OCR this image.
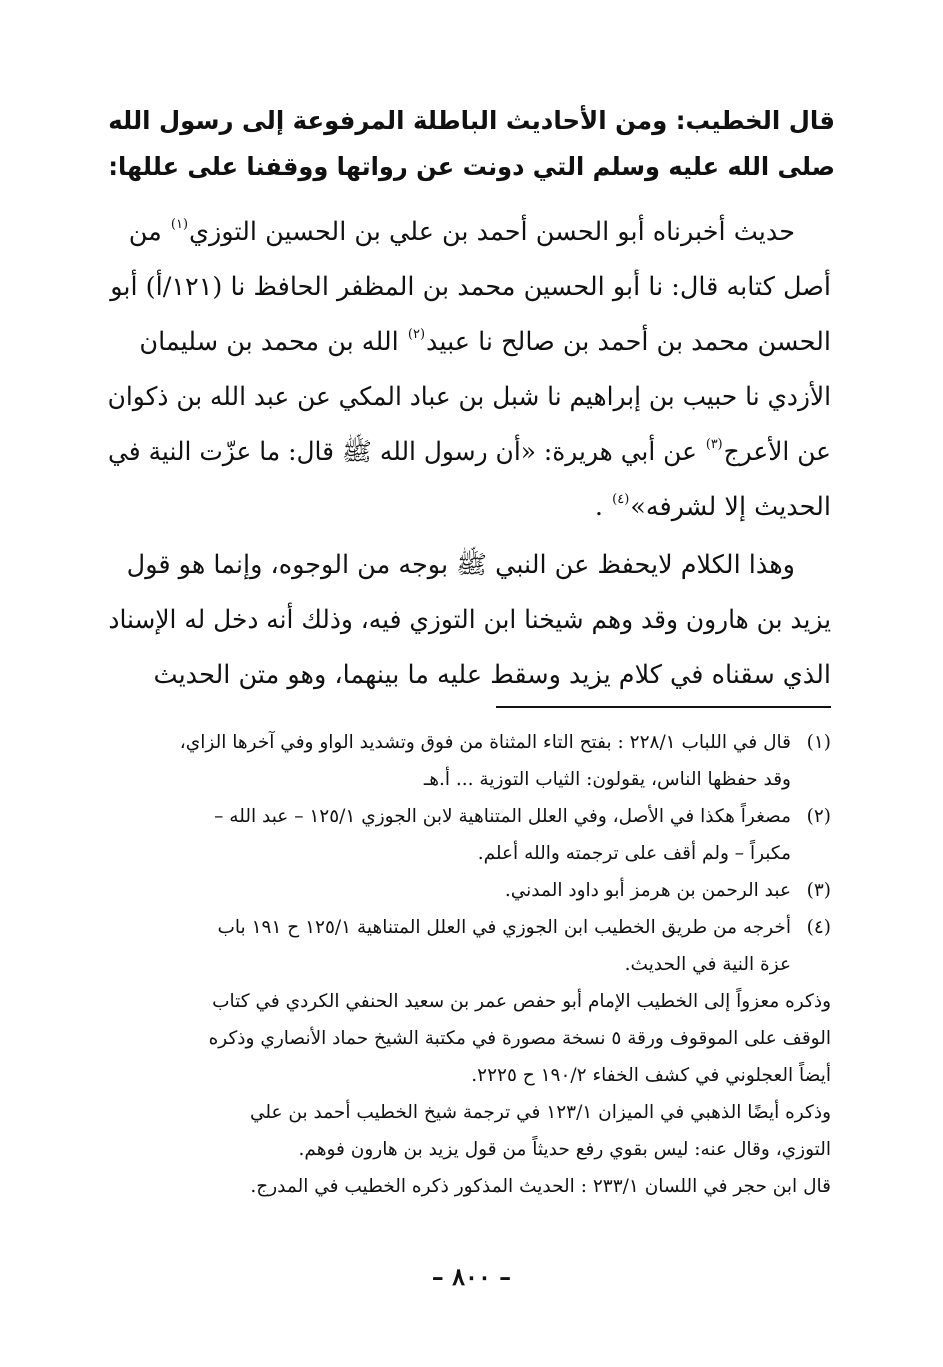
قال الخطيب: ومن الأحاديث الباطلة المرفوعة إلى رسول الله
صلى الله عليه وسلم التي دونت عن رواتها ووقفنا على عللها:
حديث أخبرناه أبو الحسن أحمد بن علي بن الحسين التوزي$^{(١)}$ من
أصل كتابه قال: نا أبو الحسين محمد بن المظفر الحافظ نا (١٢١/أ) أبو
الحسن محمد بن أحمد بن صالح نا عبيد$^{(٢)}$ الله بن محمد بن سليمان
الأزدي نا حبيب بن إبراهيم نا شبل بن عباد المكي عن عبد الله بن ذكوان
عن الأعرج$^{(٣)}$ عن أبي هريرة: «أن رسول الله ﷺ قال: ما عزّت النية في
الحديث إلا لشرفه»$^{(٤)}$ .
وهذا الكلام لايحفظ عن النبي ﷺ بوجه من الوجوه، وإنما هو قول
يزيد بن هارون وقد وهم شيخنا ابن التوزي فيه، وذلك أنه دخل له الإسناد
الذي سقناه في كلام يزيد وسقط عليه ما بينهما، وهو متن الحديث
(١)قال في اللباب ٢٢٨/١ : بفتح التاء المثناة من فوق وتشديد الواو وفي آخرها الزاي،
وقد حفظها الناس، يقولون: الثياب التوزية ... أ.هـ
(٢)مصغراً هكذا في الأصل، وفي العلل المتناهية لابن الجوزي ١٢٥/١ – عبد الله –
مكبراً – ولم أقف على ترجمته والله أعلم.
(٣)عبد الرحمن بن هرمز أبو داود المدني.
(٤)أخرجه من طريق الخطيب ابن الجوزي في العلل المتناهية ١٢٥/١ ح ١٩١ باب
عزة النية في الحديث.
وذكره معزواً إلى الخطيب الإمام أبو حفص عمر بن سعيد الحنفي الكردي في كتاب
الوقف على الموقوف ورقة ٥ نسخة مصورة في مكتبة الشيخ حماد الأنصاري وذكره
أيضاً العجلوني في كشف الخفاء ١٩٠/٢ ح ٢٢٢٥.
وذكره أيضًا الذهبي في الميزان ١٢٣/١ في ترجمة شيخ الخطيب أحمد بن علي
التوزي، وقال عنه: ليس بقوي رفع حديثاً من قول يزيد بن هارون فوهم.
قال ابن حجر في اللسان ٢٣٣/١ : الحديث المذكور ذكره الخطيب في المدرج.
– ٨٠٠ –
